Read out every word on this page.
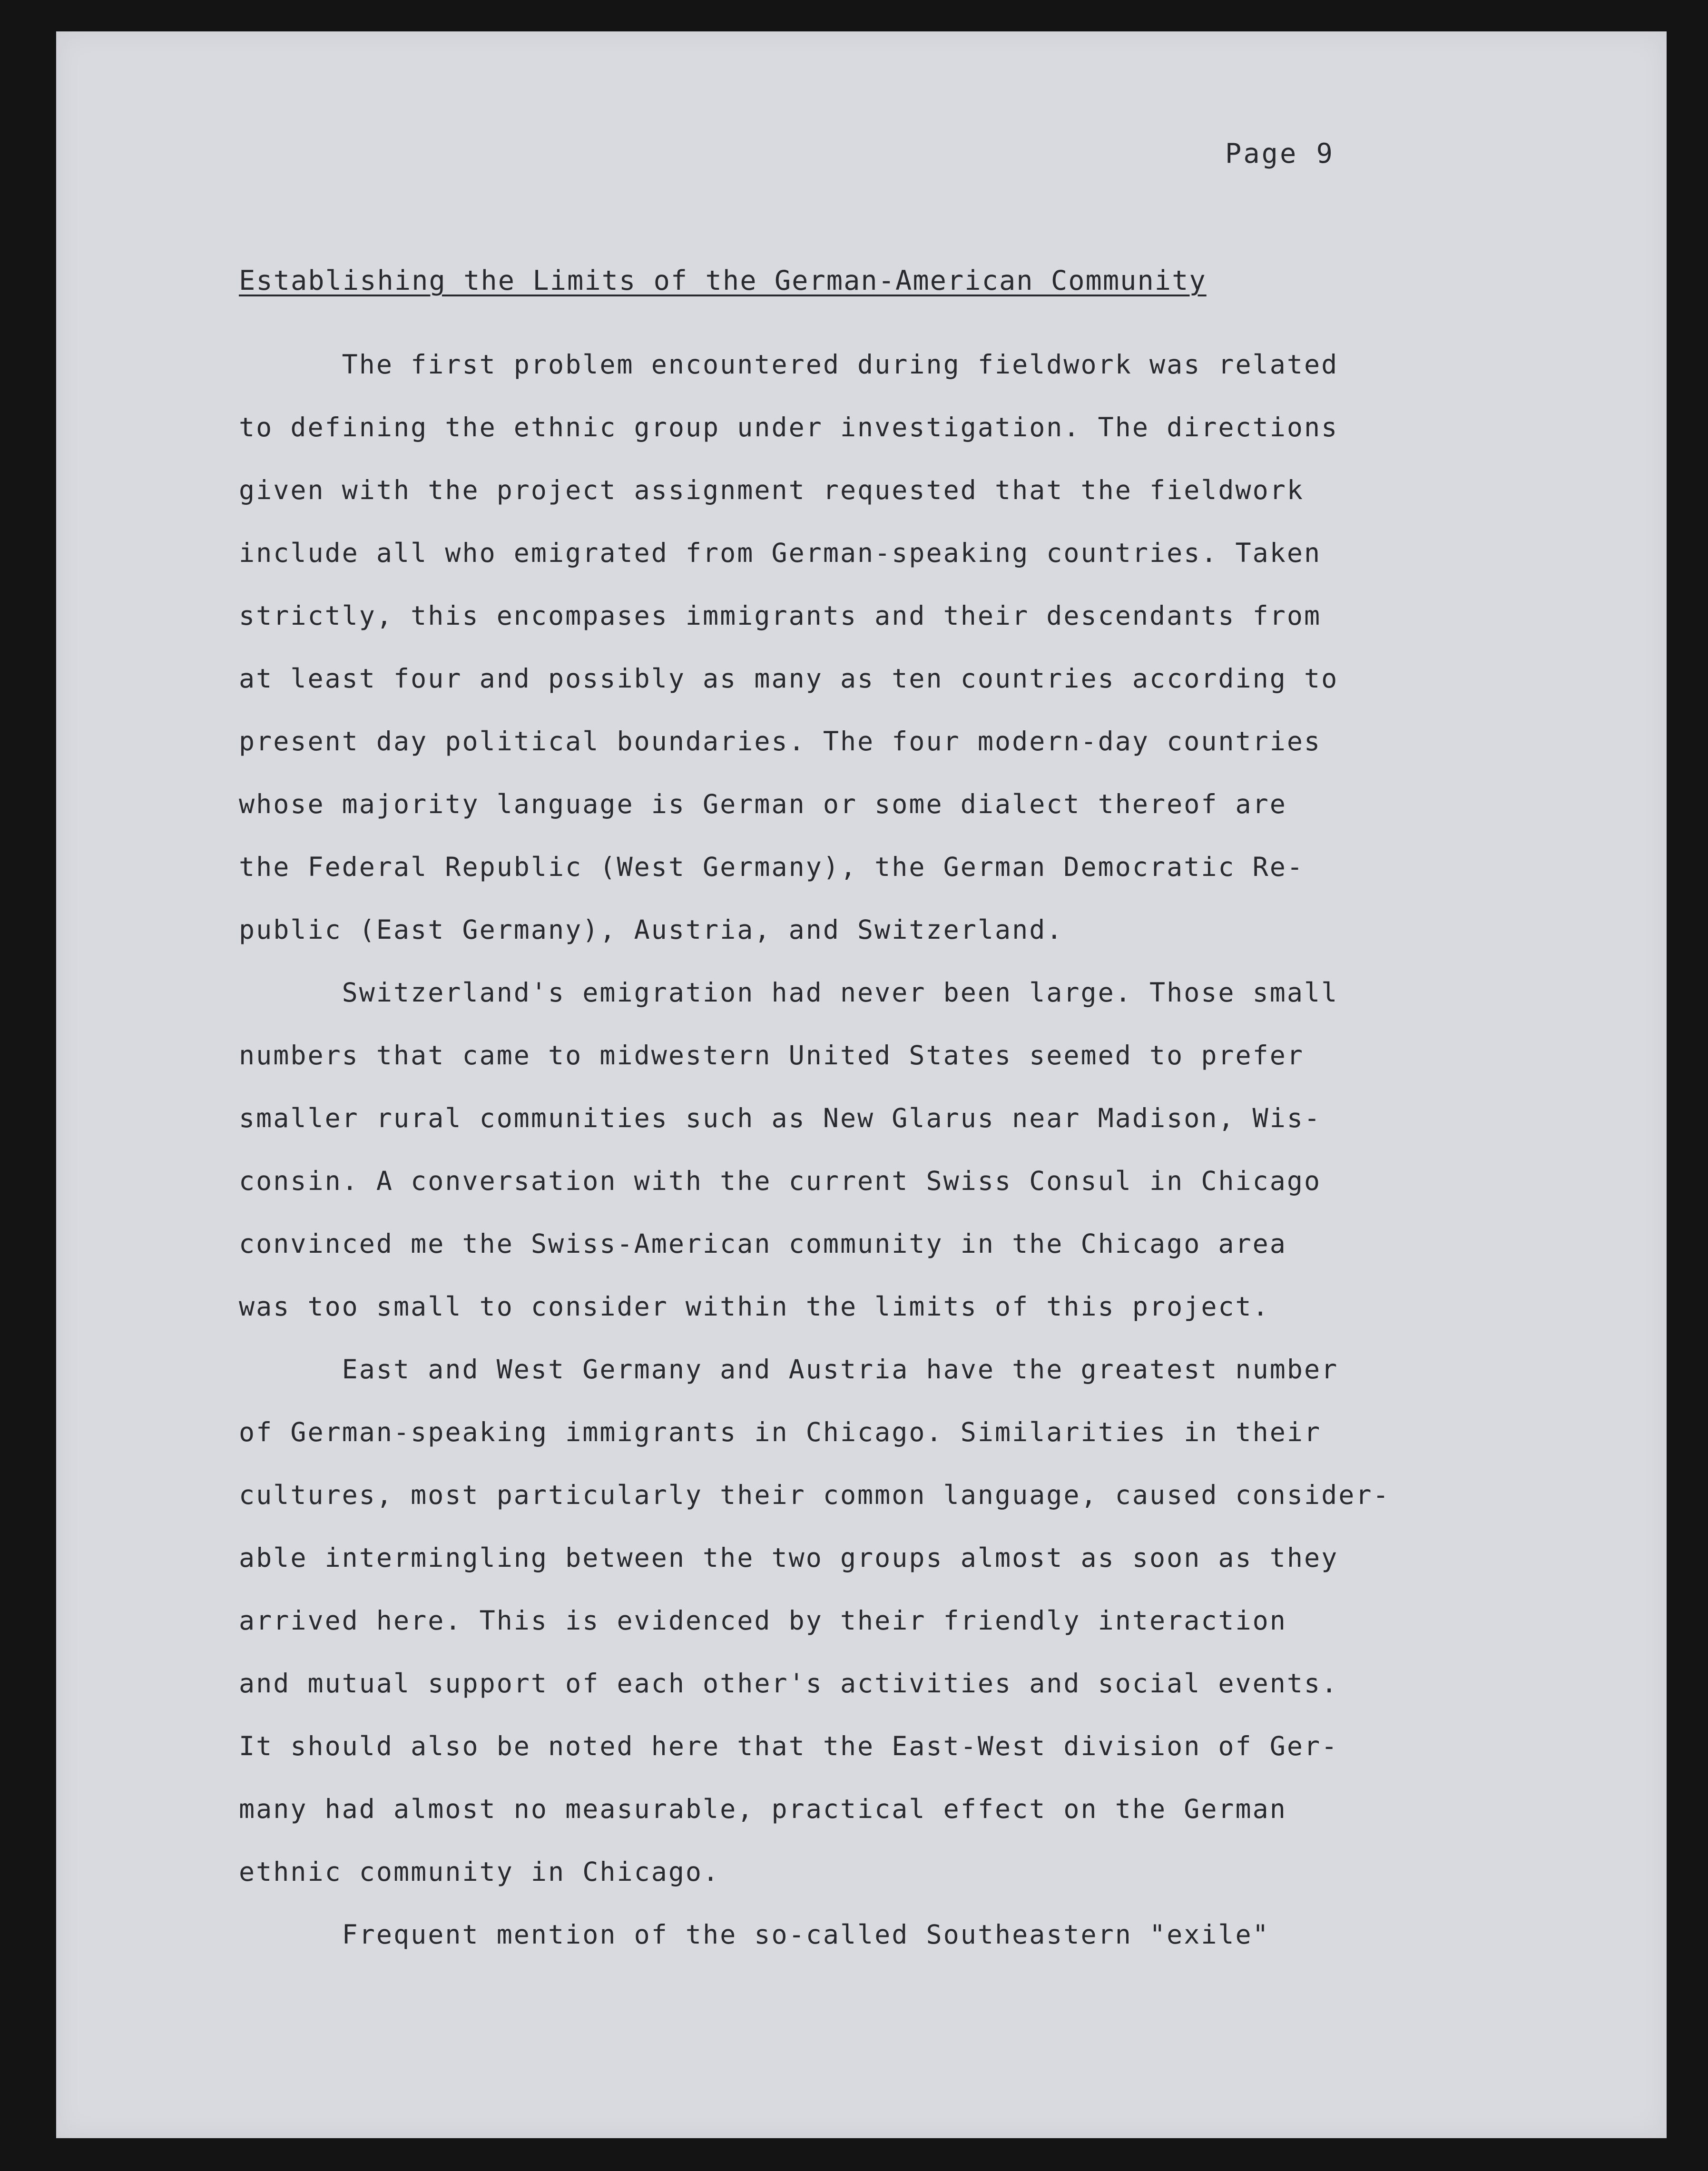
Page 9
Establishing the Limits of the German-American Community
The first problem encountered during fieldwork was related
to defining the ethnic group under investigation. The directions
given with the project assignment requested that the fieldwork
include all who emigrated from German-speaking countries. Taken
strictly, this encompases immigrants and their descendants from
at least four and possibly as many as ten countries according to
present day political boundaries. The four modern-day countries
whose majority language is German or some dialect thereof are
the Federal Republic (West Germany), the German Democratic Re-
public (East Germany), Austria, and Switzerland.
Switzerland's emigration had never been large. Those small
numbers that came to midwestern United States seemed to prefer
smaller rural communities such as New Glarus near Madison, Wis-
consin. A conversation with the current Swiss Consul in Chicago
convinced me the Swiss-American community in the Chicago area
was too small to consider within the limits of this project.
East and West Germany and Austria have the greatest number
of German-speaking immigrants in Chicago. Similarities in their
cultures, most particularly their common language, caused consider-
able intermingling between the two groups almost as soon as they
arrived here. This is evidenced by their friendly interaction
and mutual support of each other's activities and social events.
It should also be noted here that the East-West division of Ger-
many had almost no measurable, practical effect on the German
ethnic community in Chicago.
Frequent mention of the so-called Southeastern "exile"
